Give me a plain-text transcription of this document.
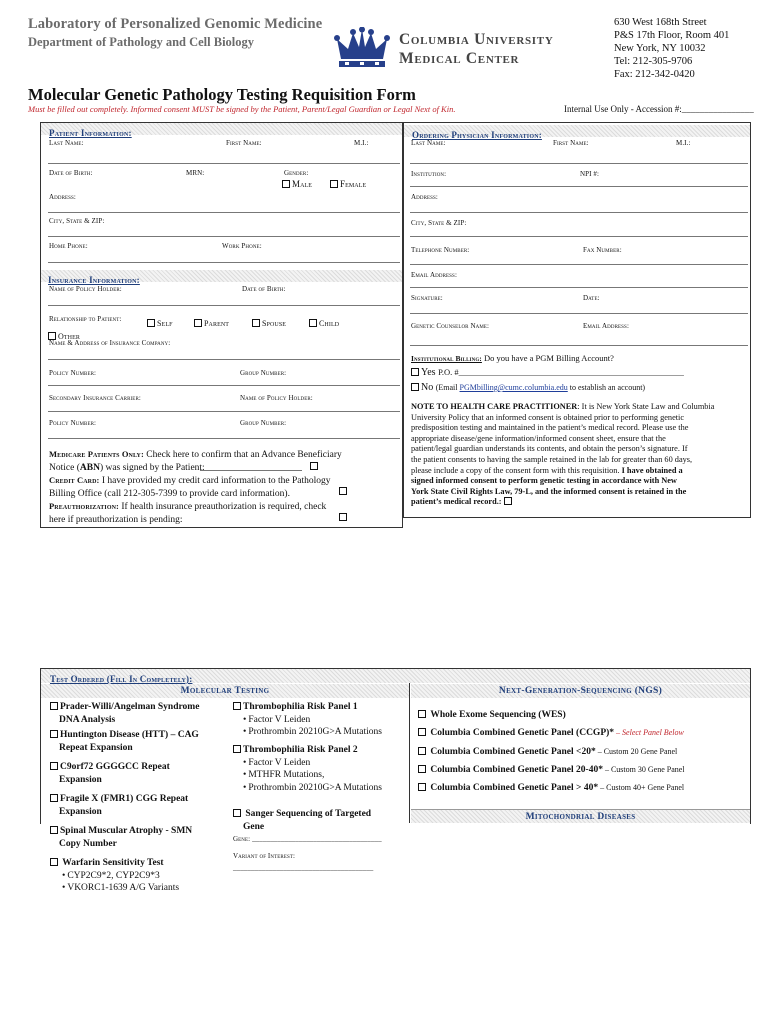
Laboratory of Personalized Genomic Medicine
Department of Pathology and Cell Biology	Columbia University
Medical Center
630 West 168th Street
P&S 17th Floor, Room 401
New York, NY 10032
Tel: 212-305-9706
Fax: 212-342-0420
Molecular Genetic Pathology Testing Requisition Form
Must be filled out completely. Informed consent MUST be signed by the Patient, Parent/Legal Guardian or Legal Next of Kin.	Internal Use Only - Accession #:________________
Patient Information:
Last Name:	First Name:	M.I.:
Date of Birth:	MRN:	Gender:
Male	Female
Address:
City, State & ZIP:
Home Phone:	Work Phone:
Insurance Information:
Name of Policy Holder:	Date of Birth:
Relationship to Patient:	Self	Parent	Spouse	Child
Other
Name & Address of Insurance Company:
Policy Number:	Group Number:
Secondary Insurance Carrier:	Name of Policy Holder:
Policy Number:	Group Number:
Medicare Patients Only: Check here to confirm that an Advance Beneficiary
Notice (ABN) was signed by the Patient:
Credit Card: I have provided my credit card information to the Pathology
Billing Office (call 212-305-7399 to provide card information).
Preauthorization: If health insurance preauthorization is required, check
here if preauthorization is pending:
Ordering Physician Information:
Last Name:	First Name:	M.I.:
Institution:	NPI #:
Address:
City, State & ZIP:
Telephone Number:	Fax Number:
Email Address:
Signature:	Date:
Genetic Counselor Name:	Email Address:
Institutional Billing: Do you have a PGM Billing Account?
Yes P.O. #_____________________________________________________
No (Email PGMbilling@cumc.columbia.edu to establish an account)
NOTE TO HEALTH CARE PRACTITIONER: It is New York State Law and Columbia
University Policy that an informed consent is obtained prior to performing genetic
predisposition testing and maintained in the patient’s medical record. Please use the
appropriate disease/gene information/informed consent sheet, ensure that the
patient/legal guardian understands its contents, and obtain the person’s signature. If
the patient consents to having the sample retained in the lab for greater than 60 days,
please include a copy of the consent form with this requisition. I have obtained a
signed informed consent to perform genetic testing in accordance with New
York State Civil Rights Law, 79-L, and the informed consent is retained in the
patient’s medical record.:
Test Ordered (Fill In Completely):
Molecular Testing	Next-Generation-Sequencing (NGS)
Prader-Willi/Angelman Syndrome
DNA Analysis
Huntington Disease (HTT) – CAG
Repeat Expansion
C9orf72 GGGGCC Repeat
Expansion
Fragile X (FMR1) CGG Repeat
Expansion
Spinal Muscular Atrophy - SMN
Copy Number
Warfarin Sensitivity Test
• CYP2C9*2, CYP2C9*3
• VKORC1-1639 A/G Variants
Thrombophilia Risk Panel 1
• Factor V Leiden
• Prothrombin 20210G>A Mutations
Thrombophilia Risk Panel 2
• Factor V Leiden
• MTHFR Mutations,
• Prothrombin 20210G>A Mutations
Sanger Sequencing of Targeted
Gene
Gene: ____________________________________
Variant of Interest:
_______________________________________
Whole Exome Sequencing (WES)
Columbia Combined Genetic Panel (CCGP)* – Select Panel Below
Columbia Combined Genetic Panel <20* – Custom 20 Gene Panel
Columbia Combined Genetic Panel 20-40* – Custom 30 Gene Panel
Columbia Combined Genetic Panel > 40* – Custom 40+ Gene Panel
Mitochondrial Diseases
